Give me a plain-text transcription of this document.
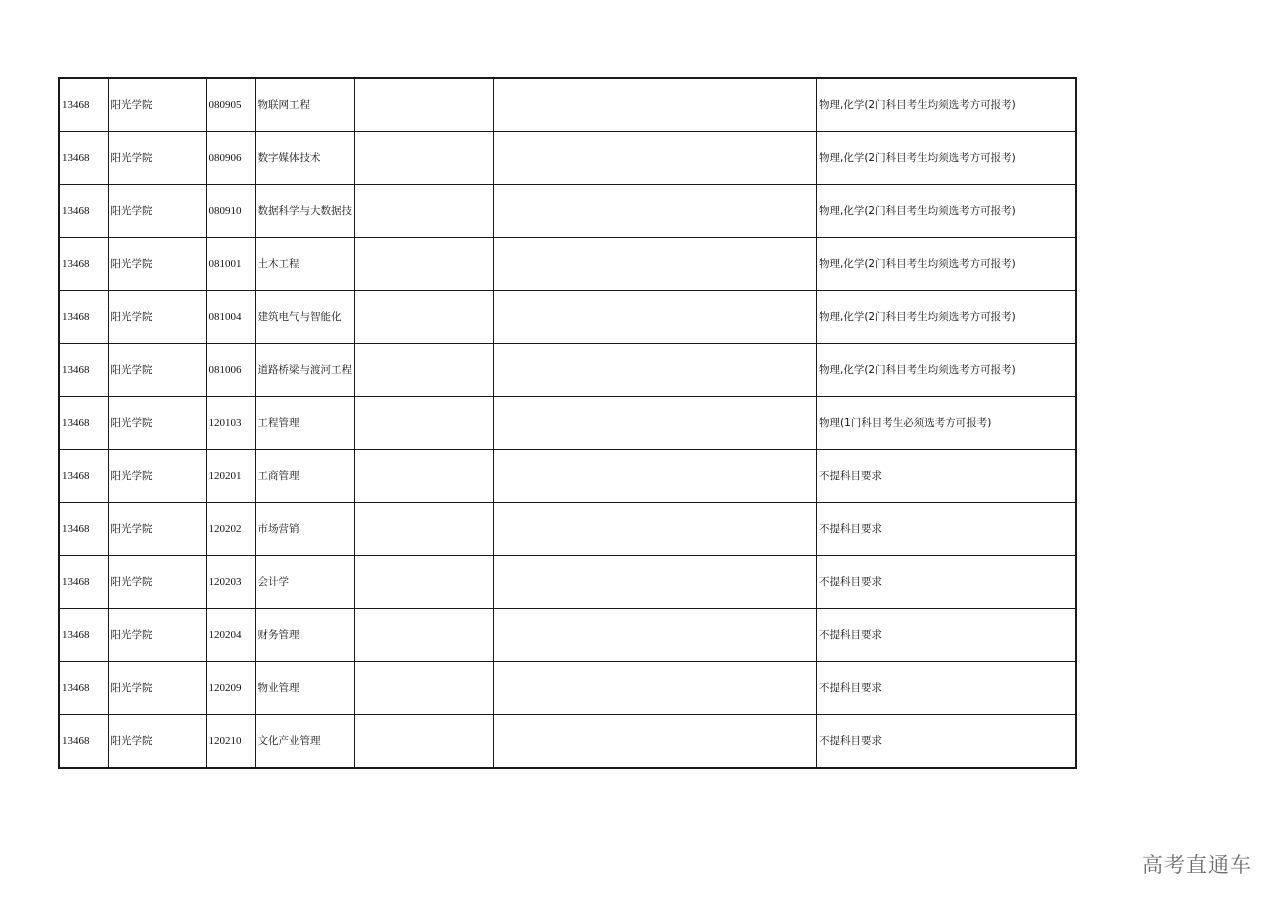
13468	阳光学院	080905	物联网工程			物理,化学(2门科目考生均须选考方可报考)
13468	阳光学院	080906	数字媒体技术			物理,化学(2门科目考生均须选考方可报考)
13468	阳光学院	080910	数据科学与大数据技			物理,化学(2门科目考生均须选考方可报考)
13468	阳光学院	081001	土木工程			物理,化学(2门科目考生均须选考方可报考)
13468	阳光学院	081004	建筑电气与智能化			物理,化学(2门科目考生均须选考方可报考)
13468	阳光学院	081006	道路桥梁与渡河工程			物理,化学(2门科目考生均须选考方可报考)
13468	阳光学院	120103	工程管理			物理(1门科目考生必须选考方可报考)
13468	阳光学院	120201	工商管理			不提科目要求
13468	阳光学院	120202	市场营销			不提科目要求
13468	阳光学院	120203	会计学			不提科目要求
13468	阳光学院	120204	财务管理			不提科目要求
13468	阳光学院	120209	物业管理			不提科目要求
13468	阳光学院	120210	文化产业管理			不提科目要求
高考直通车
